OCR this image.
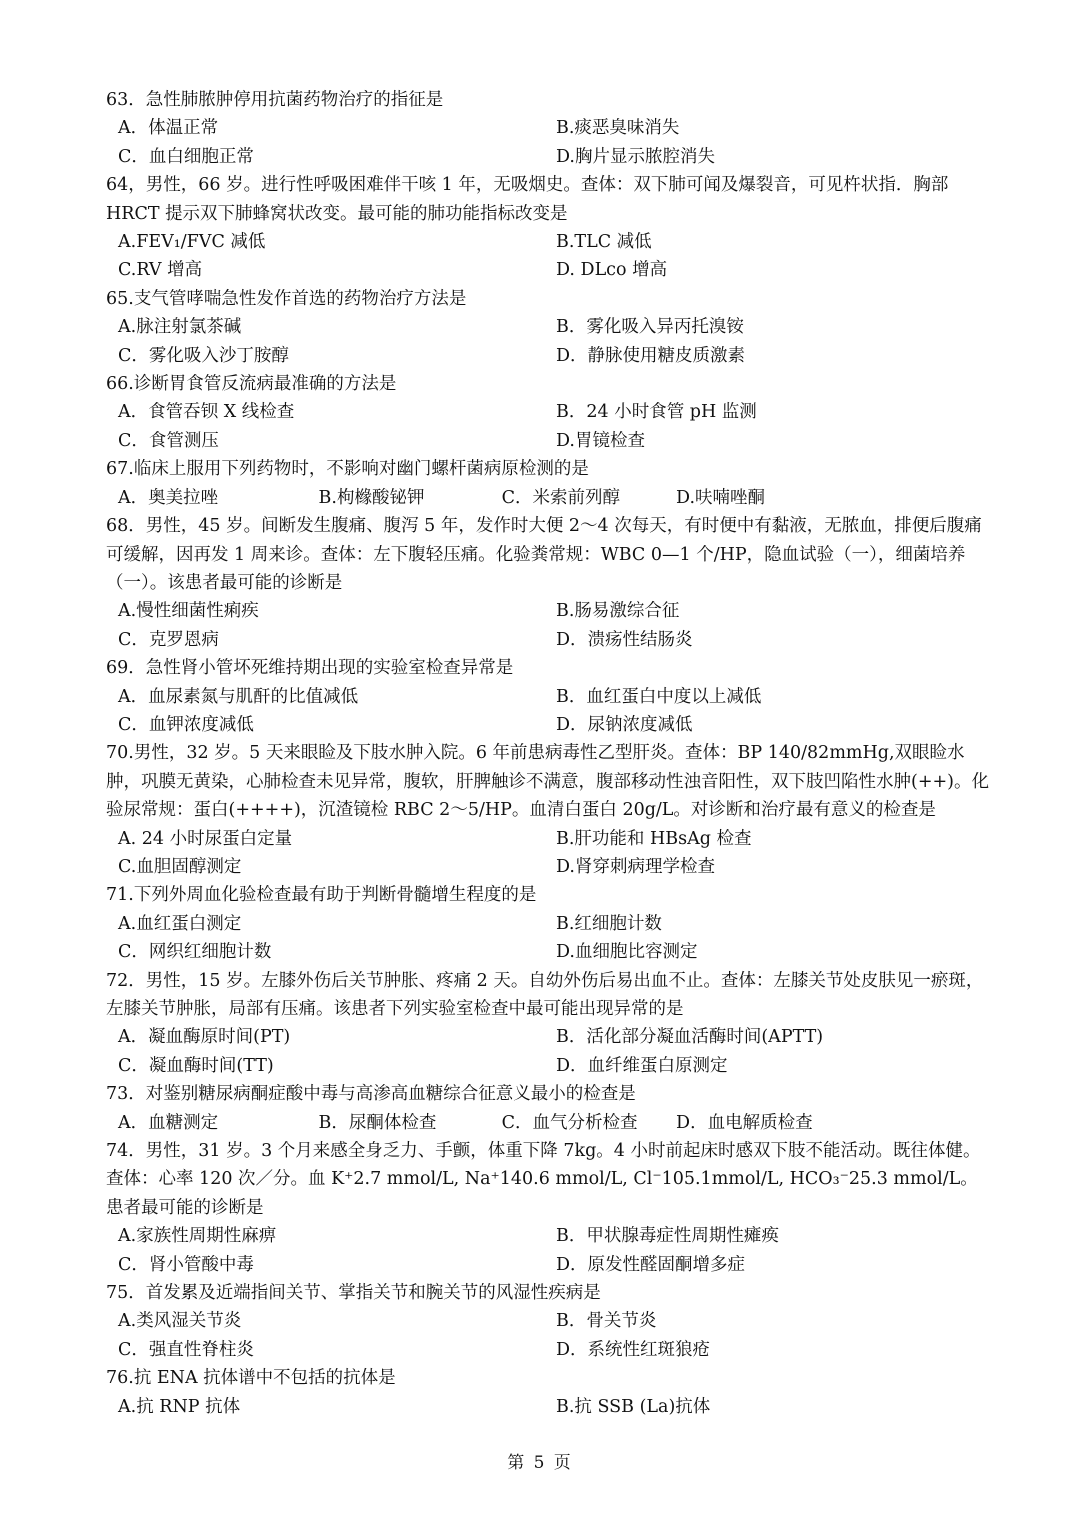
63．急性肺脓肿停用抗菌药物治疗的指征是
A．体温正常	B.痰恶臭味消失
C．血白细胞正常	D.胸片显示脓腔消失
64，男性，66 岁。进行性呼吸困难伴干咳 1 年，无吸烟史。查体：双下肺可闻及爆裂音，可见杵状指．胸部 HRCT 提示双下肺蜂窝状改变。最可能的肺功能指标改变是
A.FEV₁/FVC 减低	B.TLC 减低
C.RV 增高	D. DLco 增高
65.支气管哮喘急性发作首选的药物治疗方法是
A.脉注射氯茶碱	B．雾化吸入异丙托溴铵
C．雾化吸入沙丁胺醇	D．静脉使用糖皮质激素
66.诊断胃食管反流病最准确的方法是
A．食管吞钡 X 线检查	B．24 小时食管 pH 监测
C．食管测压	D.胃镜检查
67.临床上服用下列药物时，不影响对幽门螺杆菌病原检测的是
A．奥美拉唑	B.枸橼酸铋钾	C．米索前列醇	D.呋喃唑酮
68．男性，45 岁。间断发生腹痛、腹泻 5 年，发作时大便 2～4 次每天，有时便中有黏液，无脓血，排便后腹痛可缓解，因再发 1 周来诊。查体：左下腹轻压痛。化验粪常规：WBC 0—1 个/HP，隐血试验（一），细菌培养（一）。该患者最可能的诊断是
A.慢性细菌性痢疾	B.肠易激综合征
C．克罗恩病	D．溃疡性结肠炎
69．急性肾小管坏死维持期出现的实验室检查异常是
A．血尿素氮与肌酐的比值减低	B．血红蛋白中度以上减低
C．血钾浓度减低	D．尿钠浓度减低
70.男性，32 岁。5 天来眼睑及下肢水肿入院。6 年前患病毒性乙型肝炎。查体：BP 140/82mmHg,双眼睑水肿，巩膜无黄染，心肺检查未见异常，腹软，肝脾触诊不满意，腹部移动性浊音阳性，双下肢凹陷性水肿(++)。化验尿常规：蛋白(++++)，沉渣镜检 RBC 2～5/HP。血清白蛋白 20g/L。对诊断和治疗最有意义的检查是
A. 24 小时尿蛋白定量	B.肝功能和 HBsAg 检查
C.血胆固醇测定	D.肾穿刺病理学检查
71.下列外周血化验检查最有助于判断骨髓增生程度的是
A.血红蛋白测定	B.红细胞计数
C．网织红细胞计数	D.血细胞比容测定
72．男性，15 岁。左膝外伤后关节肿胀、疼痛 2 天。自幼外伤后易出血不止。查体：左膝关节处皮肤见一瘀斑，左膝关节肿胀，局部有压痛。该患者下列实验室检查中最可能出现异常的是
A．凝血酶原时间(PT)	B．活化部分凝血活酶时间(APTT)
C．凝血酶时间(TT)	D．血纤维蛋白原测定
73．对鉴别糖尿病酮症酸中毒与高渗高血糖综合征意义最小的检查是
A．血糖测定	B．尿酮体检查	C．血气分析检查	D．血电解质检查
74．男性，31 岁。3 个月来感全身乏力、手颤，体重下降 7kg。4 小时前起床时感双下肢不能活动。既往体健。查体：心率 120 次／分。血 K⁺2.7 mmol/L, Na⁺140.6 mmol/L, Cl⁻105.1mmol/L, HCO₃⁻25.3 mmol/L。患者最可能的诊断是
A.家族性周期性麻痹	B．甲状腺毒症性周期性瘫痪
C．肾小管酸中毒	D．原发性醛固酮增多症
75．首发累及近端指间关节、掌指关节和腕关节的风湿性疾病是
A.类风湿关节炎	B．骨关节炎
C．强直性脊柱炎	D．系统性红斑狼疮
76.抗 ENA 抗体谱中不包括的抗体是
A.抗 RNP 抗体	B.抗 SSB (La)抗体
第 5 页
